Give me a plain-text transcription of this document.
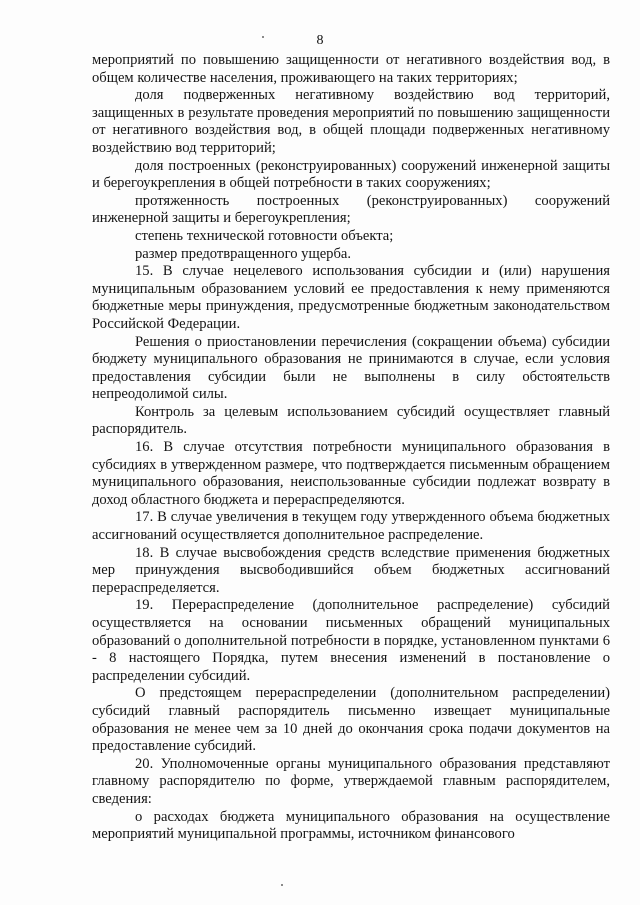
8

мероприятий по повышению защищенности от негативного воздействия вод, в общем количестве населения, проживающего на таких территориях;

доля подверженных негативному воздействию вод территорий, защищенных в результате проведения мероприятий по повышению защищенности от негативного воздействия вод, в общей площади подверженных негативному воздействию вод территорий;

доля построенных (реконструированных) сооружений инженерной защиты и берегоукрепления в общей потребности в таких сооружениях;

протяженность построенных (реконструированных) сооружений инженерной защиты и берегоукрепления;

степень технической готовности объекта;

размер предотвращенного ущерба.

15. В случае нецелевого использования субсидии и (или) нарушения муниципальным образованием условий ее предоставления к нему применяются бюджетные меры принуждения, предусмотренные бюджетным законодательством Российской Федерации.

Решения о приостановлении перечисления (сокращении объема) субсидии бюджету муниципального образования не принимаются в случае, если условия предоставления субсидии были не выполнены в силу обстоятельств непреодолимой силы.

Контроль за целевым использованием субсидий осуществляет главный распорядитель.

16. В случае отсутствия потребности муниципального образования в субсидиях в утвержденном размере, что подтверждается письменным обращением муниципального образования, неиспользованные субсидии подлежат возврату в доход областного бюджета и перераспределяются.

17. В случае увеличения в текущем году утвержденного объема бюджетных ассигнований осуществляется дополнительное распределение.

18. В случае высвобождения средств вследствие применения бюджетных мер принуждения высвободившийся объем бюджетных ассигнований перераспределяется.

19. Перераспределение (дополнительное распределение) субсидий осуществляется на основании письменных обращений муниципальных образований о дополнительной потребности в порядке, установленном пунктами 6 - 8 настоящего Порядка, путем внесения изменений в постановление о распределении субсидий.

О предстоящем перераспределении (дополнительном распределении) субсидий главный распорядитель письменно извещает муниципальные образования не менее чем за 10 дней до окончания срока подачи документов на предоставление субсидий.

20. Уполномоченные органы муниципального образования представляют главному распорядителю по форме, утверждаемой главным распорядителем, сведения:

о расходах бюджета муниципального образования на осуществление мероприятий муниципальной программы, источником финансового
